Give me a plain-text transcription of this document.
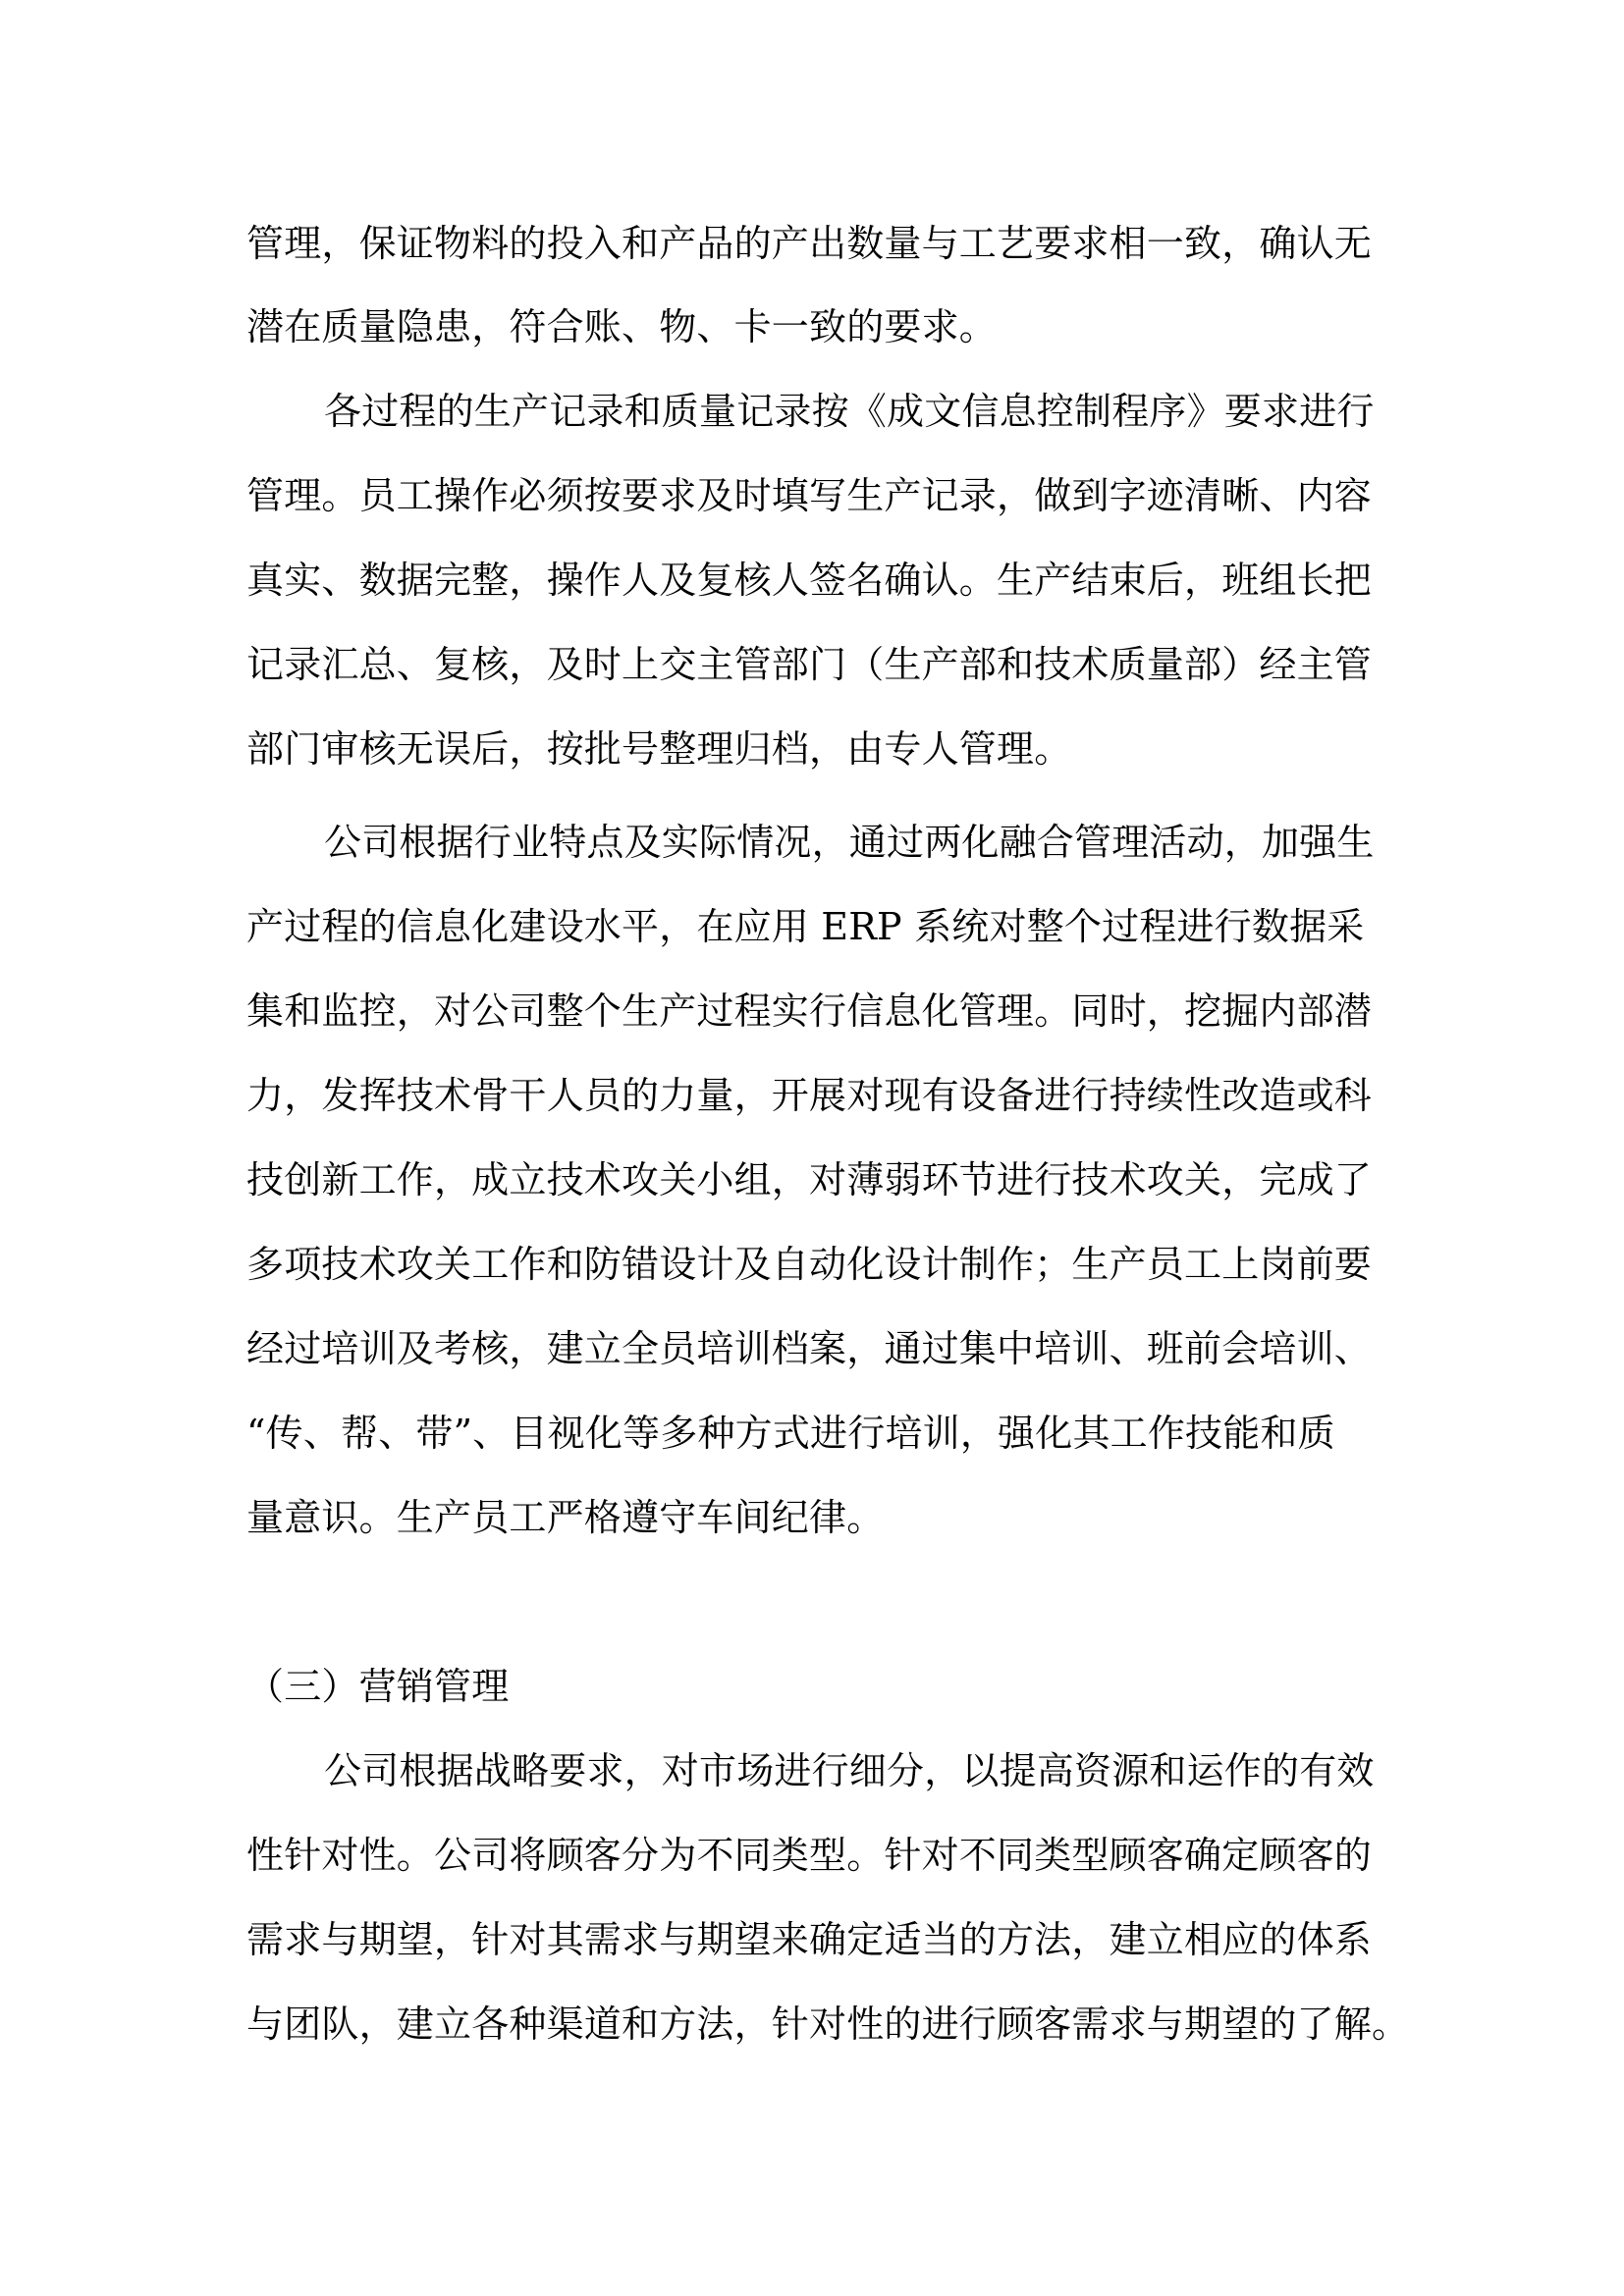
管理，保证物料的投入和产品的产出数量与工艺要求相一致，确认无
潜在质量隐患，符合账、物、卡一致的要求。
各过程的生产记录和质量记录按《成文信息控制程序》要求进行
管理。员工操作必须按要求及时填写生产记录，做到字迹清晰、内容
真实、数据完整，操作人及复核人签名确认。生产结束后，班组长把
记录汇总、复核，及时上交主管部门（生产部和技术质量部）经主管
部门审核无误后，按批号整理归档，由专人管理。
公司根据行业特点及实际情况，通过两化融合管理活动，加强生
产过程的信息化建设水平，在应用 ERP 系统对整个过程进行数据采
集和监控，对公司整个生产过程实行信息化管理。同时，挖掘内部潜
力，发挥技术骨干人员的力量，开展对现有设备进行持续性改造或科
技创新工作，成立技术攻关小组，对薄弱环节进行技术攻关，完成了
多项技术攻关工作和防错设计及自动化设计制作；生产员工上岗前要
经过培训及考核，建立全员培训档案，通过集中培训、班前会培训、
“传、帮、带”、目视化等多种方式进行培训，强化其工作技能和质
量意识。生产员工严格遵守车间纪律。
（三）营销管理
公司根据战略要求，对市场进行细分，以提高资源和运作的有效
性针对性。公司将顾客分为不同类型。针对不同类型顾客确定顾客的
需求与期望，针对其需求与期望来确定适当的方法，建立相应的体系
与团队，建立各种渠道和方法，针对性的进行顾客需求与期望的了解。
